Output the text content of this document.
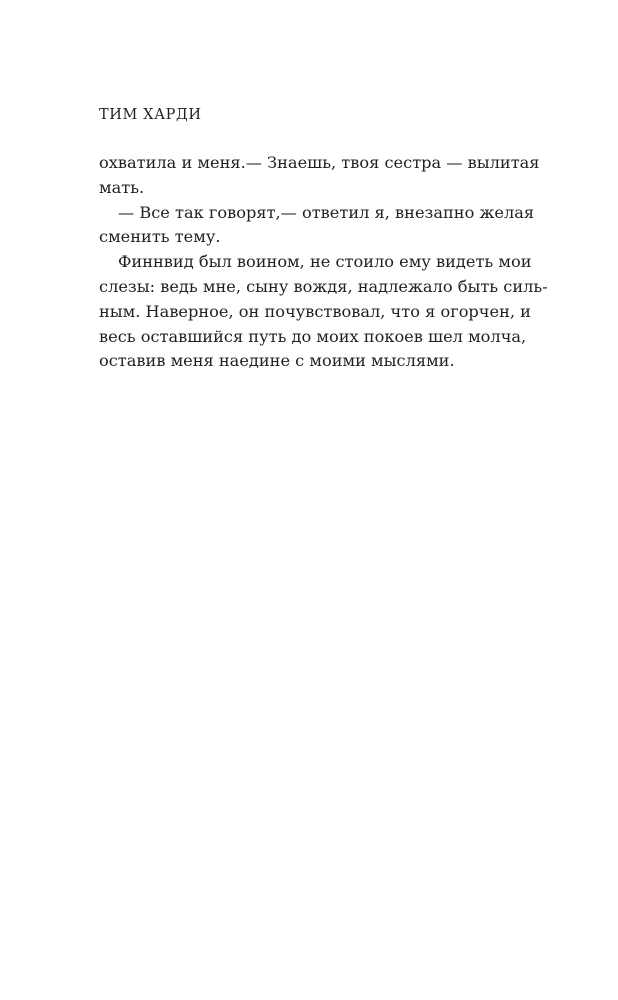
ТИМ ХАРДИ
охватила и меня.— Знаешь, твоя сестра — вылитая
мать.
— Все так говорят,— ответил я, внезапно желая
сменить тему.
Финнвид был воином, не стоило ему видеть мои
слезы: ведь мне, сыну вождя, надлежало быть силь-
ным. Наверное, он почувствовал, что я огорчен, и
весь оставшийся путь до моих покоев шел молча,
оставив меня наедине с моими мыслями.
